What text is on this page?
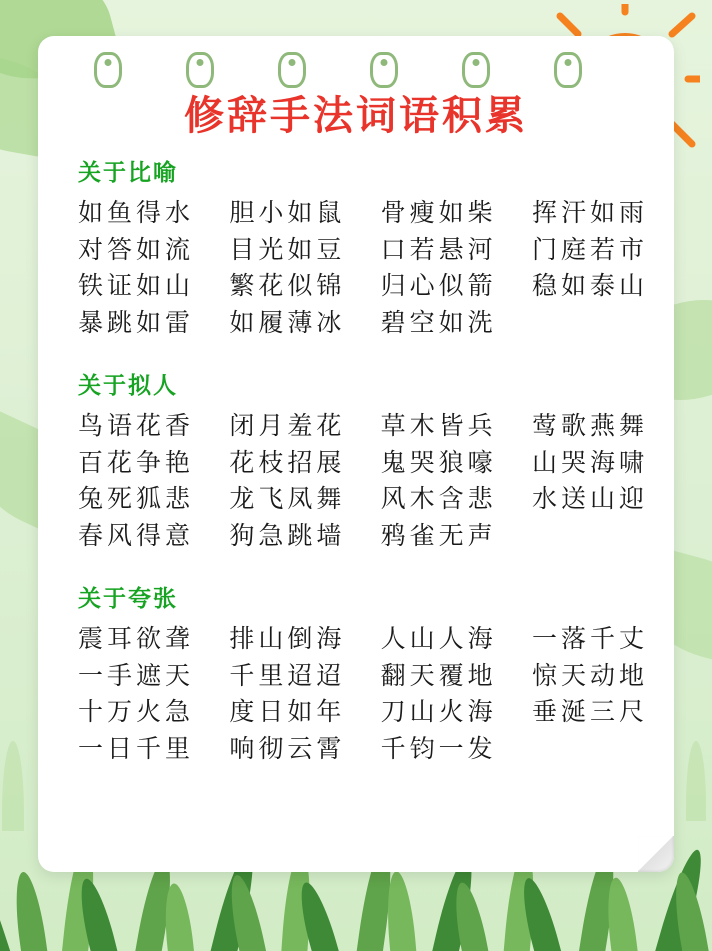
修辞手法词语积累
关于比喻
如鱼得水
对答如流
铁证如山
暴跳如雷
胆小如鼠
目光如豆
繁花似锦
如履薄冰
骨瘦如柴
口若悬河
归心似箭
碧空如洗
挥汗如雨
门庭若市
稳如泰山
关于拟人
鸟语花香
百花争艳
兔死狐悲
春风得意
闭月羞花
花枝招展
龙飞凤舞
狗急跳墙
草木皆兵
鬼哭狼嚎
风木含悲
鸦雀无声
莺歌燕舞
山哭海啸
水送山迎
关于夸张
震耳欲聋
一手遮天
十万火急
一日千里
排山倒海
千里迢迢
度日如年
响彻云霄
人山人海
翻天覆地
刀山火海
千钧一发
一落千丈
惊天动地
垂涎三尺
